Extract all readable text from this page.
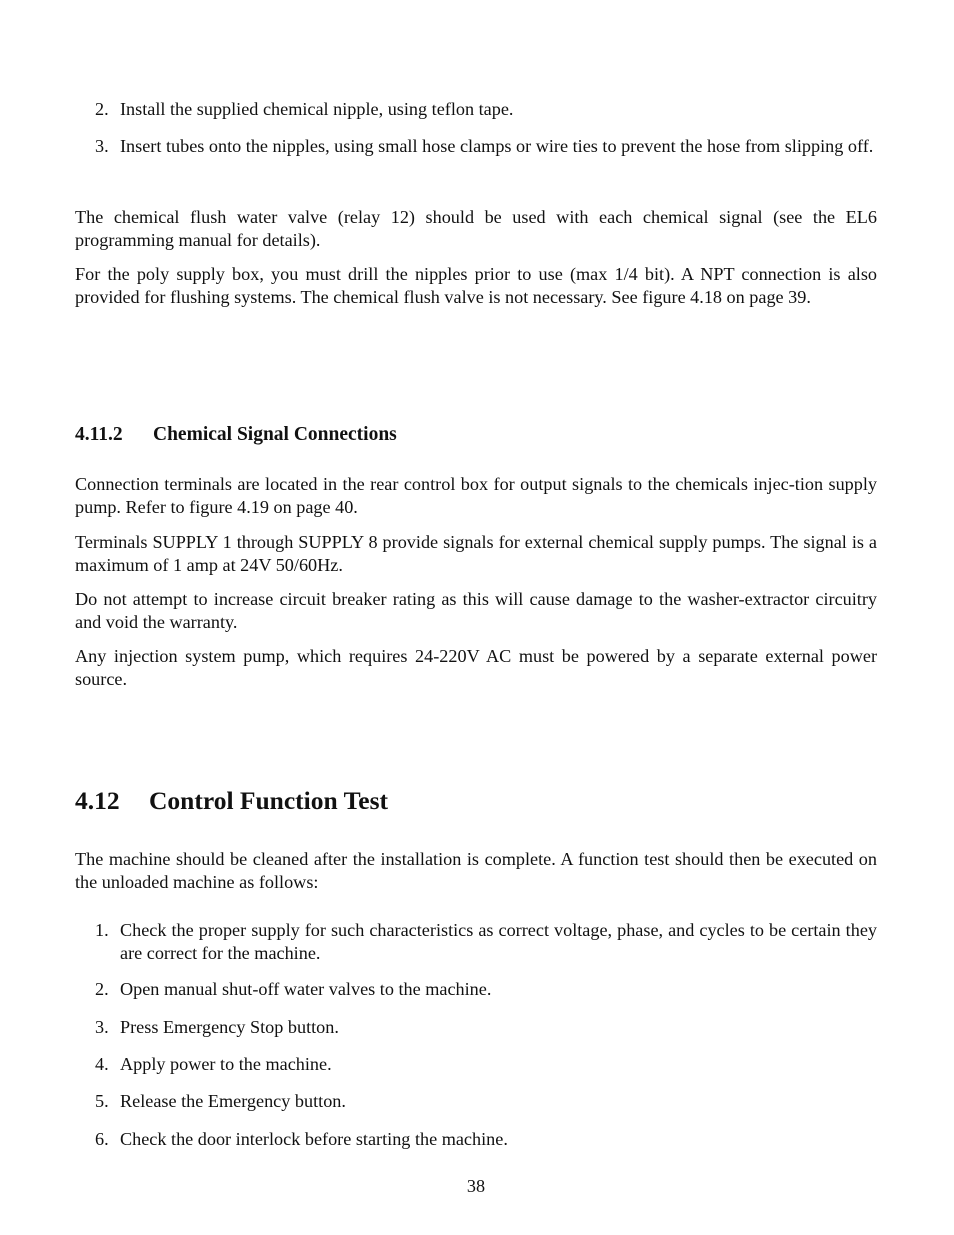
2. Install the supplied chemical nipple, using teflon tape.
3. Insert tubes onto the nipples, using small hose clamps or wire ties to prevent the hose from slipping off.

The chemical flush water valve (relay 12) should be used with each chemical signal (see the EL6 programming manual for details).

For the poly supply box, you must drill the nipples prior to use (max 1/4 bit). A NPT connection is also provided for flushing systems. The chemical flush valve is not necessary. See figure 4.18 on page 39.

4.11.2 Chemical Signal Connections

Connection terminals are located in the rear control box for output signals to the chemicals injec-tion supply pump. Refer to figure 4.19 on page 40.

Terminals SUPPLY 1 through SUPPLY 8 provide signals for external chemical supply pumps. The signal is a maximum of 1 amp at 24V 50/60Hz.

Do not attempt to increase circuit breaker rating as this will cause damage to the washer-extractor circuitry and void the warranty.

Any injection system pump, which requires 24-220V AC must be powered by a separate external power source.

4.12 Control Function Test

The machine should be cleaned after the installation is complete. A function test should then be executed on the unloaded machine as follows:

1. Check the proper supply for such characteristics as correct voltage, phase, and cycles to be certain they are correct for the machine.
2. Open manual shut-off water valves to the machine.
3. Press Emergency Stop button.
4. Apply power to the machine.
5. Release the Emergency button.
6. Check the door interlock before starting the machine.
38
